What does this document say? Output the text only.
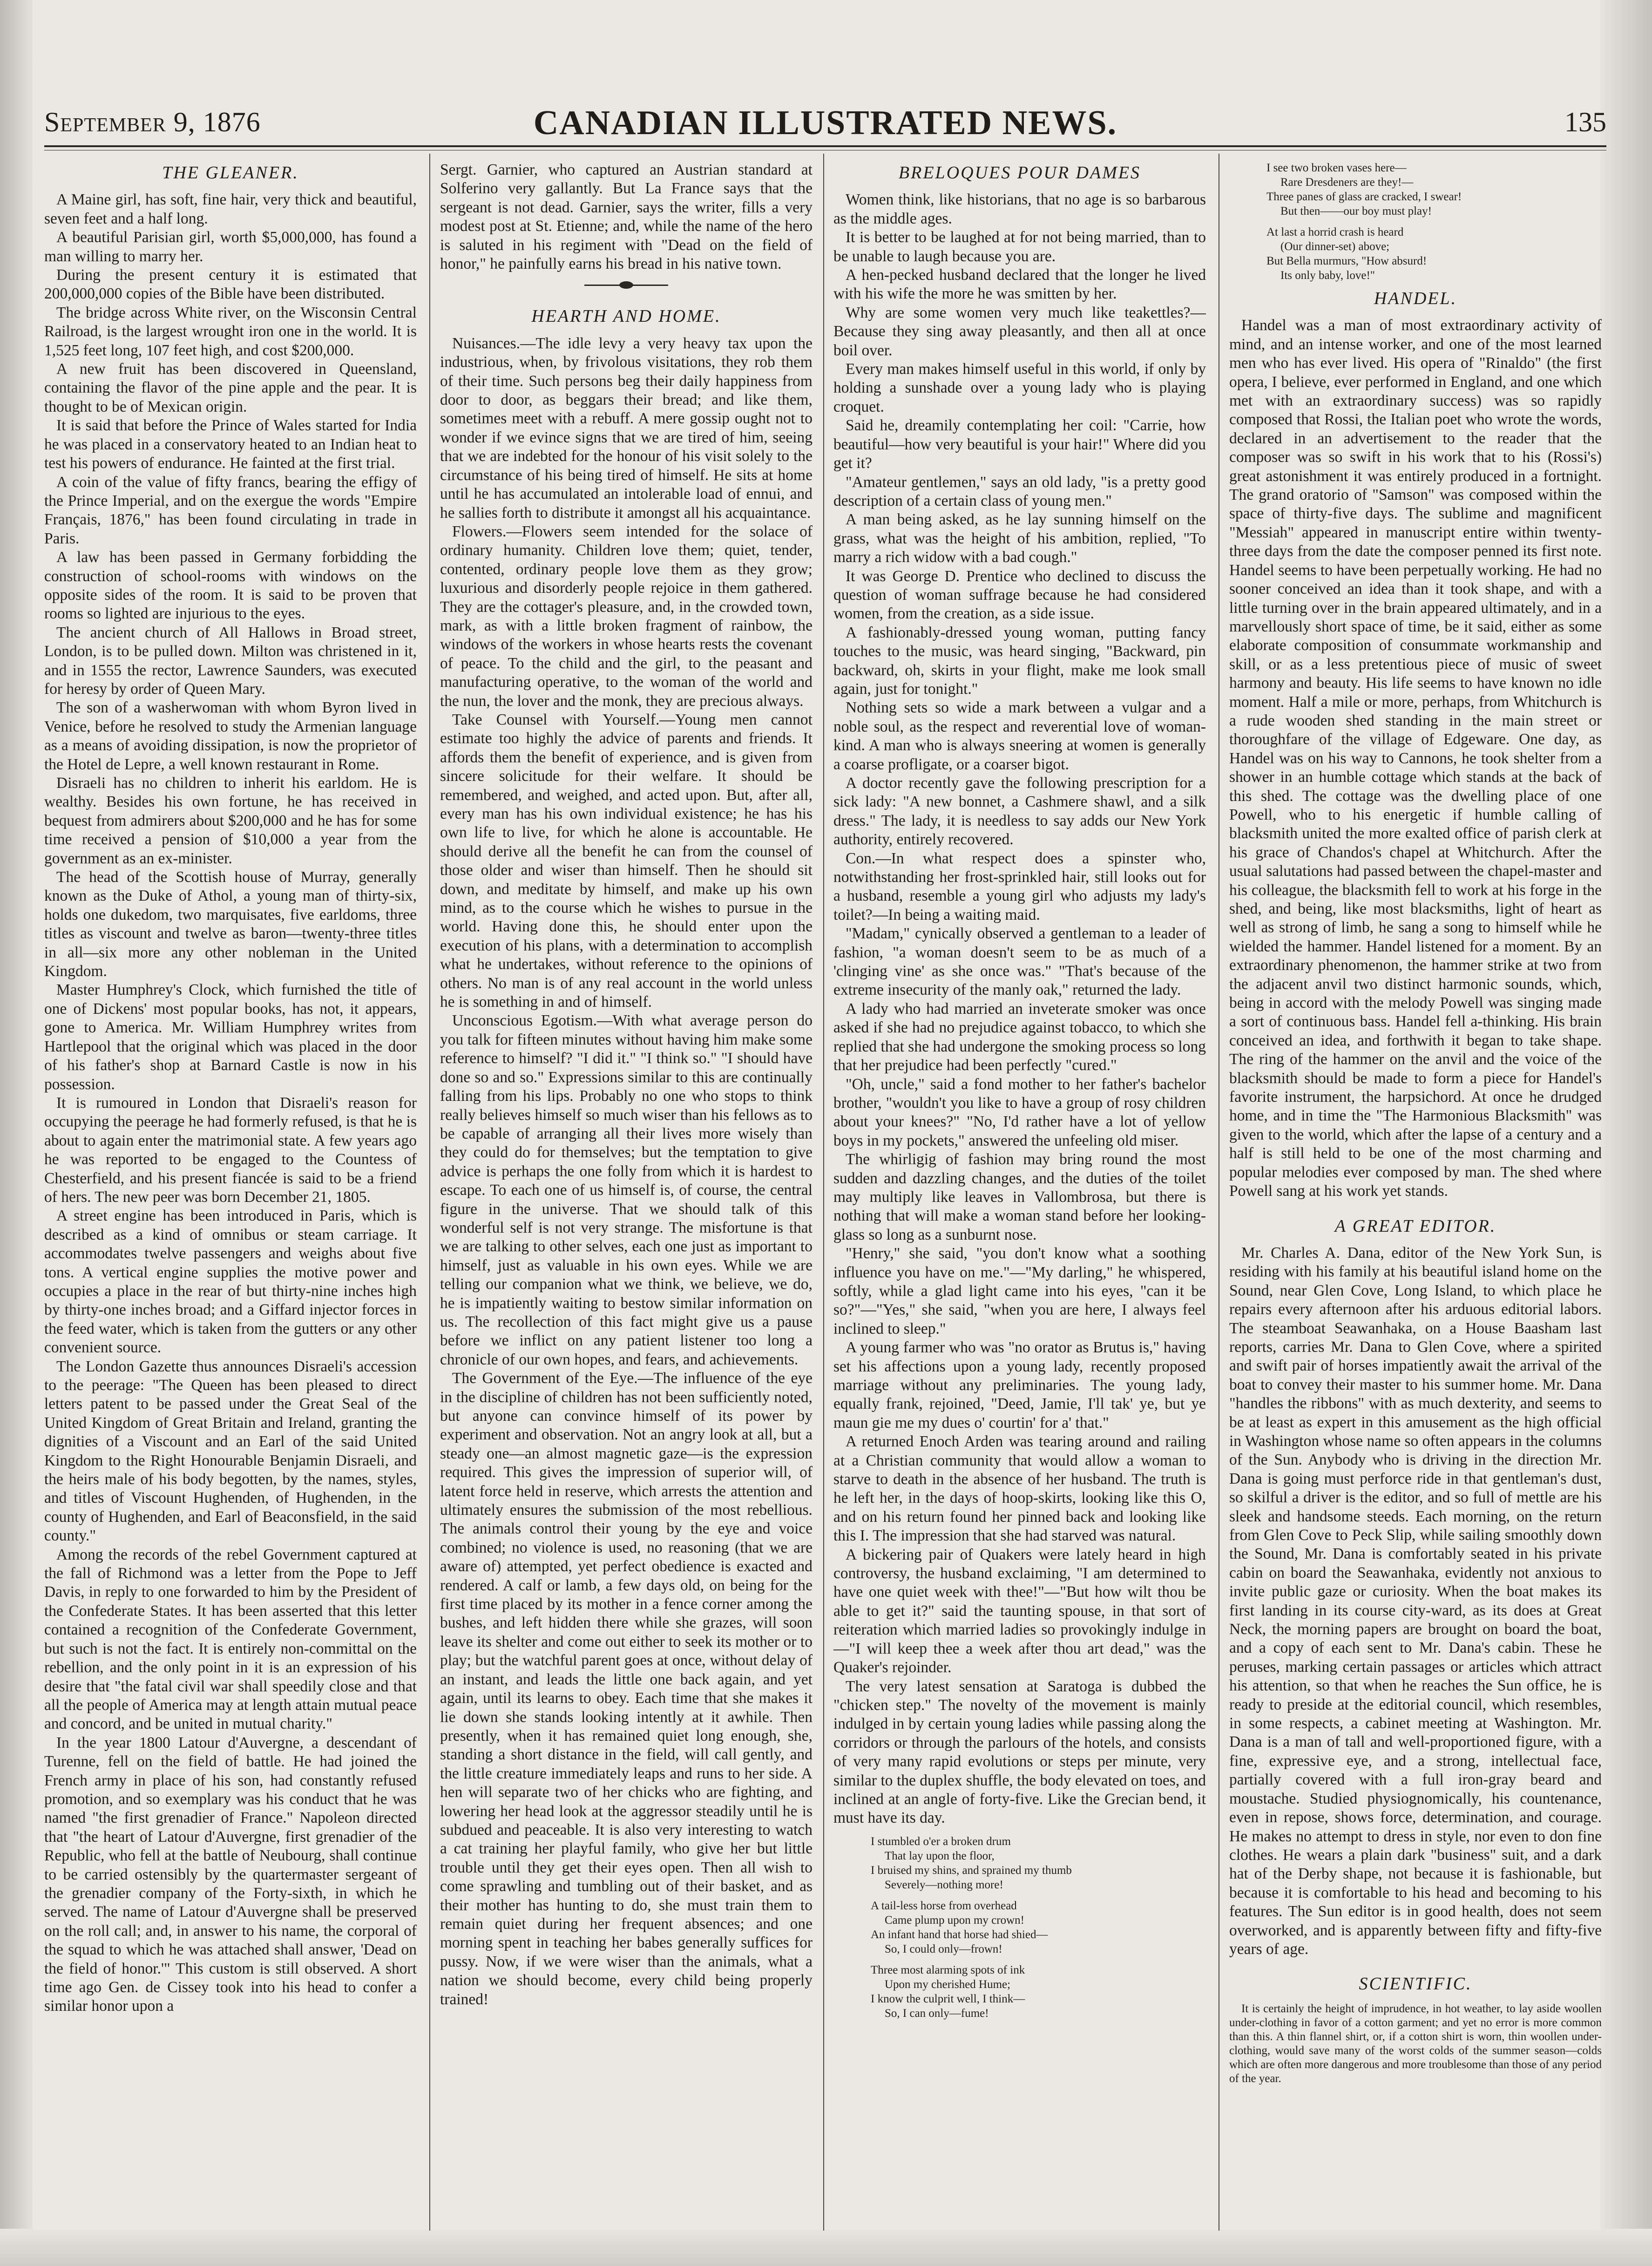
CANADIAN ILLUSTRATED NEWS.
September 9, 1876	135
THE GLEANER.

A Maine girl, has soft, fine hair, very thick and beautiful, seven feet and a half long.

A beautiful Parisian girl, worth $5,000,000, has found a man willing to marry her.

During the present century it is estimated that 200,000,000 copies of the Bible have been distributed.

The bridge across White river, on the Wisconsin Central Railroad, is the largest wrought iron one in the world. It is 1,525 feet long, 107 feet high, and cost $200,000.

A new fruit has been discovered in Queensland, containing the flavor of the pine apple and the pear. It is thought to be of Mexican origin.

It is said that before the Prince of Wales started for India he was placed in a conservatory heated to an Indian heat to test his powers of endurance. He fainted at the first trial.

A coin of the value of fifty francs, bearing the effigy of the Prince Imperial, and on the exergue the words "Empire Français, 1876," has been found circulating in trade in Paris.

A law has been passed in Germany forbidding the construction of school-rooms with windows on the opposite sides of the room. It is said to be proven that rooms so lighted are injurious to the eyes.

The ancient church of All Hallows in Broad street, London, is to be pulled down. Milton was christened in it, and in 1555 the rector, Lawrence Saunders, was executed for heresy by order of Queen Mary.

The son of a washerwoman with whom Byron lived in Venice, before he resolved to study the Armenian language as a means of avoiding dissipation, is now the proprietor of the Hotel de Lepre, a well known restaurant in Rome.

Disraeli has no children to inherit his earldom. He is wealthy. Besides his own fortune, he has received in bequest from admirers about $200,000 and he has for some time received a pension of $10,000 a year from the government as an ex-minister.

The head of the Scottish house of Murray, generally known as the Duke of Athol, a young man of thirty-six, holds one dukedom, two marquisates, five earldoms, three titles as viscount and twelve as baron—twenty-three titles in all—six more any other nobleman in the United Kingdom.

Master Humphrey's Clock, which furnished the title of one of Dickens' most popular books, has not, it appears, gone to America. Mr. William Humphrey writes from Hartlepool that the original which was placed in the door of his father's shop at Barnard Castle is now in his possession.

It is rumoured in London that Disraeli's reason for occupying the peerage he had formerly refused, is that he is about to again enter the matrimonial state. A few years ago he was reported to be engaged to the Countess of Chesterfield, and his present fiancée is said to be a friend of hers. The new peer was born December 21, 1805.

A street engine has been introduced in Paris, which is described as a kind of omnibus or steam carriage. It accommodates twelve passengers and weighs about five tons. A vertical engine supplies the motive power and occupies a place in the rear of but thirty-nine inches high by thirty-one inches broad; and a Giffard injector forces in the feed water, which is taken from the gutters or any other convenient source.

The London Gazette thus announces Disraeli's accession to the peerage: "The Queen has been pleased to direct letters patent to be passed under the Great Seal of the United Kingdom of Great Britain and Ireland, granting the dignities of a Viscount and an Earl of the said United Kingdom to the Right Honourable Benjamin Disraeli, and the heirs male of his body begotten, by the names, styles, and titles of Viscount Hughenden, of Hughenden, in the county of Hughenden, and Earl of Beaconsfield, in the said county."

Among the records of the rebel Government captured at the fall of Richmond was a letter from the Pope to Jeff Davis, in reply to one forwarded to him by the President of the Confederate States. It has been asserted that this letter contained a recognition of the Confederate Government, but such is not the fact. It is entirely non-committal on the rebellion, and the only point in it is an expression of his desire that "the fatal civil war shall speedily close and that all the people of America may at length attain mutual peace and concord, and be united in mutual charity."

In the year 1800 Latour d'Auvergne, a descendant of Turenne, fell on the field of battle. He had joined the French army in place of his son, had constantly refused promotion, and so exemplary was his conduct that he was named "the first grenadier of France." Napoleon directed that "the heart of Latour d'Auvergne, first grenadier of the Republic, who fell at the battle of Neubourg, shall continue to be carried ostensibly by the quartermaster sergeant of the grenadier company of the Forty-sixth, in which he served. The name of Latour d'Auvergne shall be preserved on the roll call; and, in answer to his name, the corporal of the squad to which he was attached shall answer, 'Dead on the field of honor.'" This custom is still observed. A short time ago Gen. de Cissey took into his head to confer a similar honor upon a

Sergt. Garnier, who captured an Austrian standard at Solferino very gallantly. But La France says that the sergeant is not dead. Garnier, says the writer, fills a very modest post at St. Etienne; and, while the name of the hero is saluted in his regiment with "Dead on the field of honor," he painfully earns his bread in his native town.

HEARTH AND HOME.

Nuisances.—The idle levy a very heavy tax upon the industrious, when, by frivolous visitations, they rob them of their time. Such persons beg their daily happiness from door to door, as beggars their bread; and like them, sometimes meet with a rebuff. A mere gossip ought not to wonder if we evince signs that we are tired of him, seeing that we are indebted for the honour of his visit solely to the circumstance of his being tired of himself. He sits at home until he has accumulated an intolerable load of ennui, and he sallies forth to distribute it amongst all his acquaintance.

Flowers.—Flowers seem intended for the solace of ordinary humanity. Children love them; quiet, tender, contented, ordinary people love them as they grow; luxurious and disorderly people rejoice in them gathered. They are the cottager's pleasure, and, in the crowded town, mark, as with a little broken fragment of rainbow, the windows of the workers in whose hearts rests the covenant of peace. To the child and the girl, to the peasant and manufacturing operative, to the woman of the world and the nun, the lover and the monk, they are precious always.

Take Counsel with Yourself.—Young men cannot estimate too highly the advice of parents and friends. It affords them the benefit of experience, and is given from sincere solicitude for their welfare. It should be remembered, and weighed, and acted upon. But, after all, every man has his own individual existence; he has his own life to live, for which he alone is accountable. He should derive all the benefit he can from the counsel of those older and wiser than himself. Then he should sit down, and meditate by himself, and make up his own mind, as to the course which he wishes to pursue in the world. Having done this, he should enter upon the execution of his plans, with a determination to accomplish what he undertakes, without reference to the opinions of others. No man is of any real account in the world unless he is something in and of himself.

Unconscious Egotism.—With what average person do you talk for fifteen minutes without having him make some reference to himself? "I did it." "I think so." "I should have done so and so." Expressions similar to this are continually falling from his lips. Probably no one who stops to think really believes himself so much wiser than his fellows as to be capable of arranging all their lives more wisely than they could do for themselves; but the temptation to give advice is perhaps the one folly from which it is hardest to escape. To each one of us himself is, of course, the central figure in the universe. That we should talk of this wonderful self is not very strange. The misfortune is that we are talking to other selves, each one just as important to himself, just as valuable in his own eyes. While we are telling our companion what we think, we believe, we do, he is impatiently waiting to bestow similar information on us. The recollection of this fact might give us a pause before we inflict on any patient listener too long a chronicle of our own hopes, and fears, and achievements.

The Government of the Eye.—The influence of the eye in the discipline of children has not been sufficiently noted, but anyone can convince himself of its power by experiment and observation. Not an angry look at all, but a steady one—an almost magnetic gaze—is the expression required. This gives the impression of superior will, of latent force held in reserve, which arrests the attention and ultimately ensures the submission of the most rebellious. The animals control their young by the eye and voice combined; no violence is used, no reasoning (that we are aware of) attempted, yet perfect obedience is exacted and rendered. A calf or lamb, a few days old, on being for the first time placed by its mother in a fence corner among the bushes, and left hidden there while she grazes, will soon leave its shelter and come out either to seek its mother or to play; but the watchful parent goes at once, without delay of an instant, and leads the little one back again, and yet again, until its learns to obey. Each time that she makes it lie down she stands looking intently at it awhile. Then presently, when it has remained quiet long enough, she, standing a short distance in the field, will call gently, and the little creature immediately leaps and runs to her side. A hen will separate two of her chicks who are fighting, and lowering her head look at the aggressor steadily until he is subdued and peaceable. It is also very interesting to watch a cat training her playful family, who give her but little trouble until they get their eyes open. Then all wish to come sprawling and tumbling out of their basket, and as their mother has hunting to do, she must train them to remain quiet during her frequent absences; and one morning spent in teaching her babes generally suffices for pussy. Now, if we were wiser than the animals, what a nation we should become, every child being properly trained!

BRELOQUES POUR DAMES

Women think, like historians, that no age is so barbarous as the middle ages.

It is better to be laughed at for not being married, than to be unable to laugh because you are.

A hen-pecked husband declared that the longer he lived with his wife the more he was smitten by her.

Why are some women very much like teakettles?—Because they sing away pleasantly, and then all at once boil over.

Every man makes himself useful in this world, if only by holding a sunshade over a young lady who is playing croquet.

Said he, dreamily contemplating her coil: "Carrie, how beautiful—how very beautiful is your hair!" Where did you get it?

"Amateur gentlemen," says an old lady, "is a pretty good description of a certain class of young men."

A man being asked, as he lay sunning himself on the grass, what was the height of his ambition, replied, "To marry a rich widow with a bad cough."

It was George D. Prentice who declined to discuss the question of woman suffrage because he had considered women, from the creation, as a side issue.

A fashionably-dressed young woman, putting fancy touches to the music, was heard singing, "Backward, pin backward, oh, skirts in your flight, make me look small again, just for tonight."

Nothing sets so wide a mark between a vulgar and a noble soul, as the respect and reverential love of woman-kind. A man who is always sneering at women is generally a coarse profligate, or a coarser bigot.

A doctor recently gave the following prescription for a sick lady: "A new bonnet, a Cashmere shawl, and a silk dress." The lady, it is needless to say adds our New York authority, entirely recovered.

Con.—In what respect does a spinster who, notwithstanding her frost-sprinkled hair, still looks out for a husband, resemble a young girl who adjusts my lady's toilet?—In being a waiting maid.

"Madam," cynically observed a gentleman to a leader of fashion, "a woman doesn't seem to be as much of a 'clinging vine' as she once was." "That's because of the extreme insecurity of the manly oak," returned the lady.

A lady who had married an inveterate smoker was once asked if she had no prejudice against tobacco, to which she replied that she had undergone the smoking process so long that her prejudice had been perfectly "cured."

"Oh, uncle," said a fond mother to her father's bachelor brother, "wouldn't you like to have a group of rosy children about your knees?" "No, I'd rather have a lot of yellow boys in my pockets," answered the unfeeling old miser.

The whirligig of fashion may bring round the most sudden and dazzling changes, and the duties of the toilet may multiply like leaves in Vallombrosa, but there is nothing that will make a woman stand before her looking-glass so long as a sunburnt nose.

"Henry," she said, "you don't know what a soothing influence you have on me."—"My darling," he whispered, softly, while a glad light came into his eyes, "can it be so?"—"Yes," she said, "when you are here, I always feel inclined to sleep."

A young farmer who was "no orator as Brutus is," having set his affections upon a young lady, recently proposed marriage without any preliminaries. The young lady, equally frank, rejoined, "Deed, Jamie, I'll tak' ye, but ye maun gie me my dues o' courtin' for a' that."

A returned Enoch Arden was tearing around and railing at a Christian community that would allow a woman to starve to death in the absence of her husband. The truth is he left her, in the days of hoop-skirts, looking like this O, and on his return found her pinned back and looking like this I. The impression that she had starved was natural.

A bickering pair of Quakers were lately heard in high controversy, the husband exclaiming, "I am determined to have one quiet week with thee!"—"But how wilt thou be able to get it?" said the taunting spouse, in that sort of reiteration which married ladies so provokingly indulge in—"I will keep thee a week after thou art dead," was the Quaker's rejoinder.

The very latest sensation at Saratoga is dubbed the "chicken step." The novelty of the movement is mainly indulged in by certain young ladies while passing along the corridors or through the parlours of the hotels, and consists of very many rapid evolutions or steps per minute, very similar to the duplex shuffle, the body elevated on toes, and inclined at an angle of forty-five. Like the Grecian bend, it must have its day.

I stumbled o'er a broken drum
That lay upon the floor,
I bruised my shins, and sprained my thumb
Severely—nothing more!
A tail-less horse from overhead
Came plump upon my crown!
An infant hand that horse had shied—
So, I could only—frown!
Three most alarming spots of ink
Upon my cherished Hume;
I know the culprit well, I think—
So, I can only—fume!
I see two broken vases here—
Rare Dresdeners are they!—
Three panes of glass are cracked, I swear!
But then——our boy must play!
At last a horrid crash is heard
(Our dinner-set) above;
But Bella murmurs, "How absurd!
Its only baby, love!"
HANDEL.

Handel was a man of most extraordinary activity of mind, and an intense worker, and one of the most learned men who has ever lived. His opera of "Rinaldo" (the first opera, I believe, ever performed in England, and one which met with an extraordinary success) was so rapidly composed that Rossi, the Italian poet who wrote the words, declared in an advertisement to the reader that the composer was so swift in his work that to his (Rossi's) great astonishment it was entirely produced in a fortnight. The grand oratorio of "Samson" was composed within the space of thirty-five days. The sublime and magnificent "Messiah" appeared in manuscript entire within twenty-three days from the date the composer penned its first note. Handel seems to have been perpetually working. He had no sooner conceived an idea than it took shape, and with a little turning over in the brain appeared ultimately, and in a marvellously short space of time, be it said, either as some elaborate composition of consummate workmanship and skill, or as a less pretentious piece of music of sweet harmony and beauty. His life seems to have known no idle moment. Half a mile or more, perhaps, from Whitchurch is a rude wooden shed standing in the main street or thoroughfare of the village of Edgeware. One day, as Handel was on his way to Cannons, he took shelter from a shower in an humble cottage which stands at the back of this shed. The cottage was the dwelling place of one Powell, who to his energetic if humble calling of blacksmith united the more exalted office of parish clerk at his grace of Chandos's chapel at Whitchurch. After the usual salutations had passed between the chapel-master and his colleague, the blacksmith fell to work at his forge in the shed, and being, like most blacksmiths, light of heart as well as strong of limb, he sang a song to himself while he wielded the hammer. Handel listened for a moment. By an extraordinary phenomenon, the hammer strike at two from the adjacent anvil two distinct harmonic sounds, which, being in accord with the melody Powell was singing made a sort of continuous bass. Handel fell a-thinking. His brain conceived an idea, and forthwith it began to take shape. The ring of the hammer on the anvil and the voice of the blacksmith should be made to form a piece for Handel's favorite instrument, the harpsichord. At once he drudged home, and in time the "The Harmonious Blacksmith" was given to the world, which after the lapse of a century and a half is still held to be one of the most charming and popular melodies ever composed by man. The shed where Powell sang at his work yet stands.

A GREAT EDITOR.

Mr. Charles A. Dana, editor of the New York Sun, is residing with his family at his beautiful island home on the Sound, near Glen Cove, Long Island, to which place he repairs every afternoon after his arduous editorial labors. The steamboat Seawanhaka, on a House Baasham last reports, carries Mr. Dana to Glen Cove, where a spirited and swift pair of horses impatiently await the arrival of the boat to convey their master to his summer home. Mr. Dana "handles the ribbons" with as much dexterity, and seems to be at least as expert in this amusement as the high official in Washington whose name so often appears in the columns of the Sun. Anybody who is driving in the direction Mr. Dana is going must perforce ride in that gentleman's dust, so skilful a driver is the editor, and so full of mettle are his sleek and handsome steeds. Each morning, on the return from Glen Cove to Peck Slip, while sailing smoothly down the Sound, Mr. Dana is comfortably seated in his private cabin on board the Seawanhaka, evidently not anxious to invite public gaze or curiosity. When the boat makes its first landing in its course city-ward, as its does at Great Neck, the morning papers are brought on board the boat, and a copy of each sent to Mr. Dana's cabin. These he peruses, marking certain passages or articles which attract his attention, so that when he reaches the Sun office, he is ready to preside at the editorial council, which resembles, in some respects, a cabinet meeting at Washington. Mr. Dana is a man of tall and well-proportioned figure, with a fine, expressive eye, and a strong, intellectual face, partially covered with a full iron-gray beard and moustache. Studied physiognomically, his countenance, even in repose, shows force, determination, and courage. He makes no attempt to dress in style, nor even to don fine clothes. He wears a plain dark "business" suit, and a dark hat of the Derby shape, not because it is fashionable, but because it is comfortable to his head and becoming to his features. The Sun editor is in good health, does not seem overworked, and is apparently between fifty and fifty-five years of age.

SCIENTIFIC.

It is certainly the height of imprudence, in hot weather, to lay aside woollen under-clothing in favor of a cotton garment; and yet no error is more common than this. A thin flannel shirt, or, if a cotton shirt is worn, thin woollen under-clothing, would save many of the worst colds of the summer season—colds which are often more dangerous and more troublesome than those of any period of the year.
